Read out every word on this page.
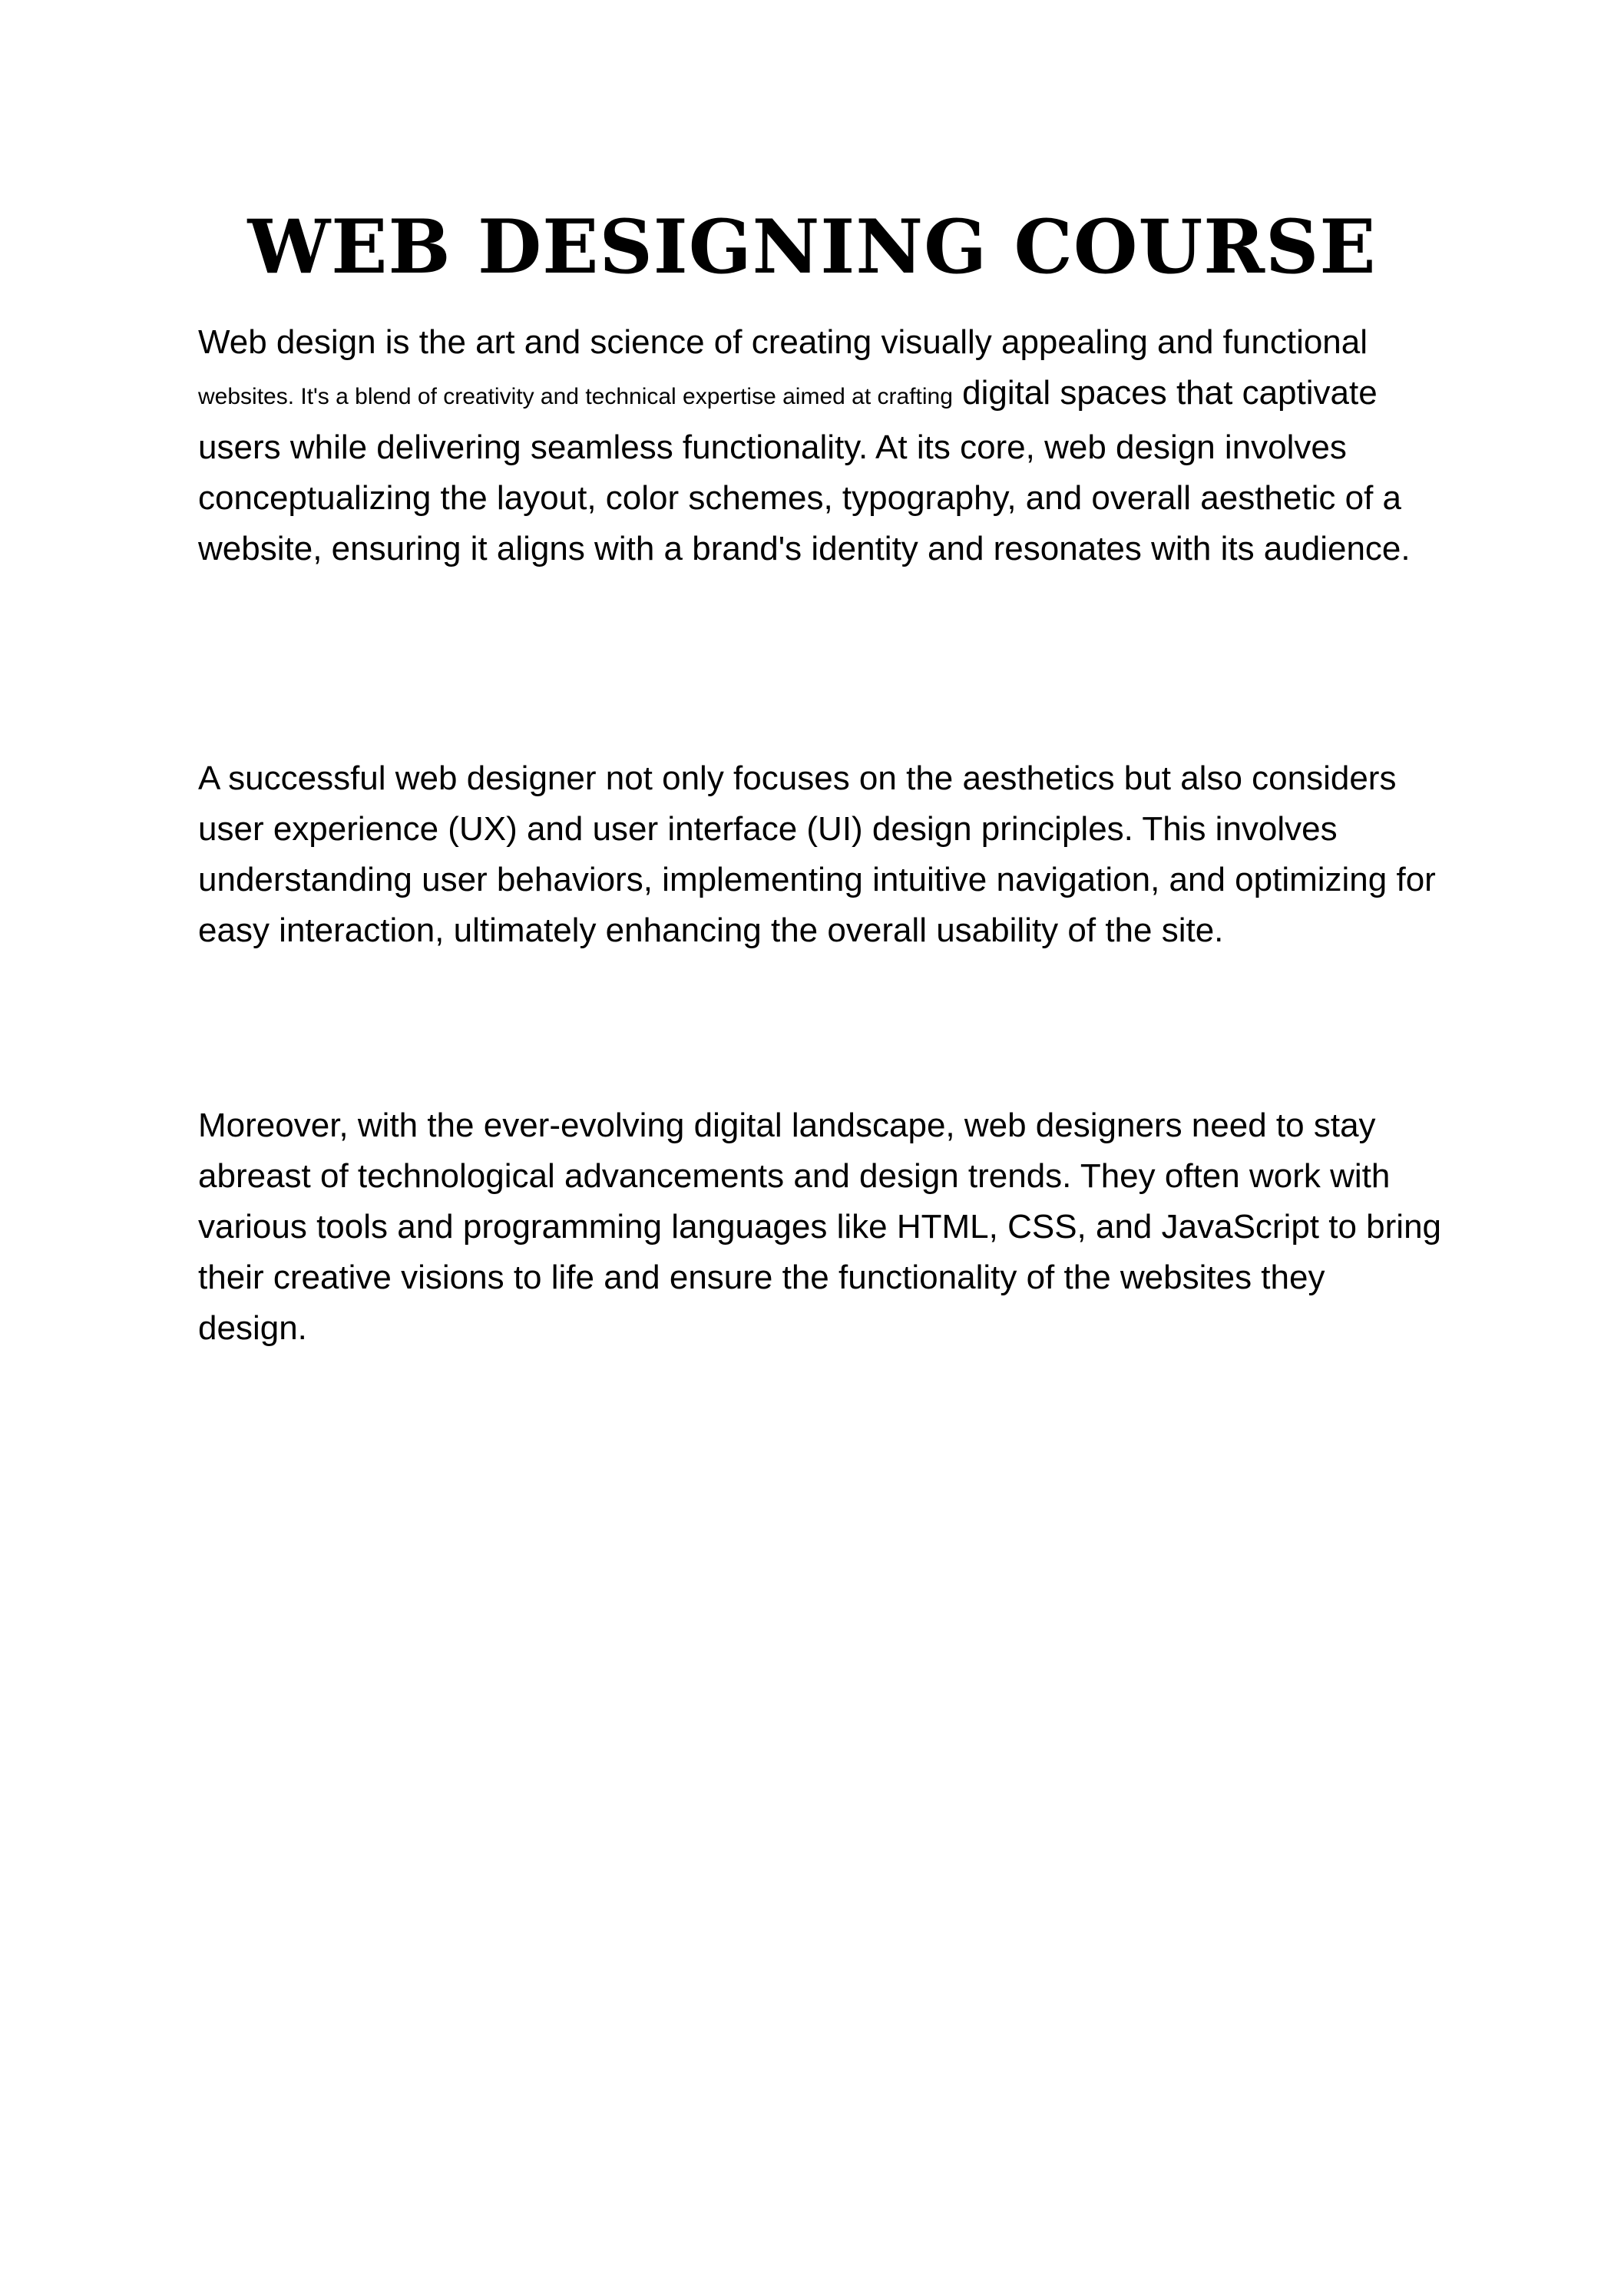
WEB DESIGNING COURSE

Web design is the art and science of creating visually appealing and functional
websites. It's a blend of creativity and technical expertise aimed at crafting digital spaces that captivate users while delivering seamless functionality. At its core, web design involves conceptualizing the layout, color schemes, typography, and overall aesthetic of a website, ensuring it aligns with a brand's identity and resonates with its audience.

A successful web designer not only focuses on the aesthetics but also considers user experience (UX) and user interface (UI) design principles. This involves understanding user behaviors, implementing intuitive navigation, and optimizing for easy interaction, ultimately enhancing the overall usability of the site.

Moreover, with the ever-evolving digital landscape, web designers need to stay abreast of technological advancements and design trends. They often work with various tools and programming languages like HTML, CSS, and JavaScript to bring their creative visions to life and ensure the functionality of the websites they design.
